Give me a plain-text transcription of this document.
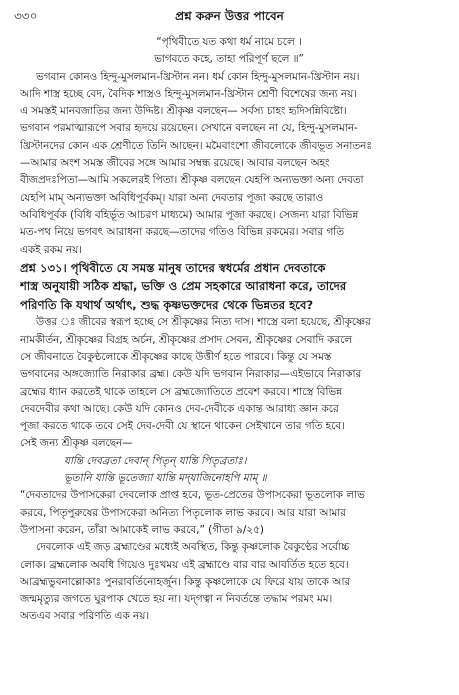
৩৩০	প্রশ্ন করুন উত্তর পাবেন
“পৃথিবীতে যত কথা ধর্ম নামে চলে ।
ভাগবতে কহে, তাহা পরিপূর্ণ ছলে ॥”
ভগবান কোনও হিন্দু-মুসলমান-খ্রিস্টান নন। ধর্ম কোন হিন্দু-মুসলমান-খ্রিস্টান নয়।
আদি শাস্ত্র হচ্ছে বেদ, বৈদিক শাস্ত্রও হিন্দু-মুসলমান-খ্রিস্টান শ্রেণী বিশেষের জন্য নয়।
এ সমস্তই মানবজাতির জন্য উদ্দিষ্ট। শ্রীকৃষ্ণ বলছেন— সর্বস্য চাহং হৃদিসন্নিবিষ্টো।
ভগবান পরমাত্মারূপে সবার হৃদয়ে রয়েছেন। সেখানে বলছেন না যে, হিন্দু-মুসলমান-
খ্রিস্টানদের কোন এক শ্রেণীতে তিনি আছেন। মমৈবাংশো জীবলোকে জীবভূত সনাতনঃ
—আমার অংশ সমস্ত জীবের সঙ্গে আমার সম্বন্ধ রয়েছে। আবার বলছেন অহং
বীজপ্রদঃপিতা—আমি সকলেরই পিতা। শ্রীকৃষ্ণ বলছেন যেহপি অন্যভক্তা অন্য দেবতা
যেহপি মাম্‌ অন্যভক্তা অবিধিপূর্বকম্‌। যারা অন্য দেবতার পূজা করছে তারাও
অবিধিপূর্বক (বিধি বহির্ভূত আচরণ মাধ্যমে) আমার পূজা করছে। সেজন্য যারা বিভিন্ন
মত-পথ নিয়ে ভগবৎ আরাধনা করছে—তাদের গতিও বিভিন্ন রকমের। সবার গতি
একই রকম নয়।
প্রশ্ন ১৩১। পৃথিবীতে যে সমস্ত মানুষ তাদের স্বধর্মের প্রধান দেবতাকে
শাস্ত্র অনুযায়ী সঠিক শ্রদ্ধা, ভক্তি ও প্রেম সহকারে আরাধনা করে, তাদের
পরিণতি কি যথার্থ অর্থাৎ, শুদ্ধ কৃষ্ণভক্তদের থেকে ভিন্নতর হবে?
উত্তর ঃ জীবের স্বরূপ হচ্ছে সে শ্রীকৃষ্ণের নিত্য দাস। শাস্ত্রে বলা হয়েছে, শ্রীকৃষ্ণের
নামকীর্তন, শ্রীকৃষ্ণের বিগ্রহ অর্চন, শ্রীকৃষ্ণের প্রসাদ সেবন, শ্রীকৃষ্ণের সেবাদি করলে
সে জীবনাতে বৈকুণ্ঠলোকে শ্রীকৃষ্ণের কাছে উত্তীর্ণ হতে পারবে। কিন্তু যে সমস্ত
ভগবানের অঙ্গজ্যোতি নিরাকার ব্রহ্ম। কেউ যদি ভগবান নিরাকার—এইভাবে নিরাকার
ব্রহ্মের ধ্যান করতেই থাকে তাহলে সে ব্রহ্মজ্যোতিতে প্রবেশ করবে। শাস্ত্রে বিভিন্ন
দেবদেবীর কথা আছে। কেউ যদি কোনও দেব-দেবীকে একান্ত আরাধ্য জ্ঞান করে
পূজা করতে থাকে তবে সেই দেব-দেবী যে স্থানে থাকেন সেইখানে তার গতি হবে।
সেই জন্য শ্রীকৃষ্ণ বলছেন—
যান্তি দেবব্রতা দেবান্‌ পিতৃন্‌ যান্তি পিতৃব্রতাঃ।
ভূতানি যান্তি ভূতেজ্যা যান্তি মদ্‌যাজিনোহপি মাম্‌ ॥
“দেবতাদের উপাসকেরা দেবলোক প্রাপ্ত হবে, ভূত-প্রেতের উপাসকেরা ভূতলোক লাভ
করবে, পিতৃপুরুষের উপাসকেরা অনিত্য পিতৃলোক লাভ করবে। আর যারা আমার
উপাসনা করেন, তাঁরা আমাকেই লাভ করবে,” (গীতা ৯/২৫)
দেবলোক এই জড় ব্রহ্মাণ্ডের মধ্যেই অবস্থিত, কিন্তু কৃষ্ণলোক বৈকুণ্ঠের সর্বোচ্চ
লোক। ব্রহ্মলোক অবধি গিয়েও দুঃখময় এই ব্রহ্মাণ্ডে বার বার আবর্তিত হতে হবে।
আব্রহ্মভুবনাল্লোকাঃ পুনরাবর্তিনোহর্জুন। কিন্তু কৃষ্ণলোকে যে ফিরে যায় তাকে আর
জন্মমৃত্যুর জগতে ঘুরপাক খেতে হয় না। যদ্‌গত্বা ন নিবর্তন্তে তদ্ধাম পরমং মম।
অতএব সবার পরিণতি এক নয়।
